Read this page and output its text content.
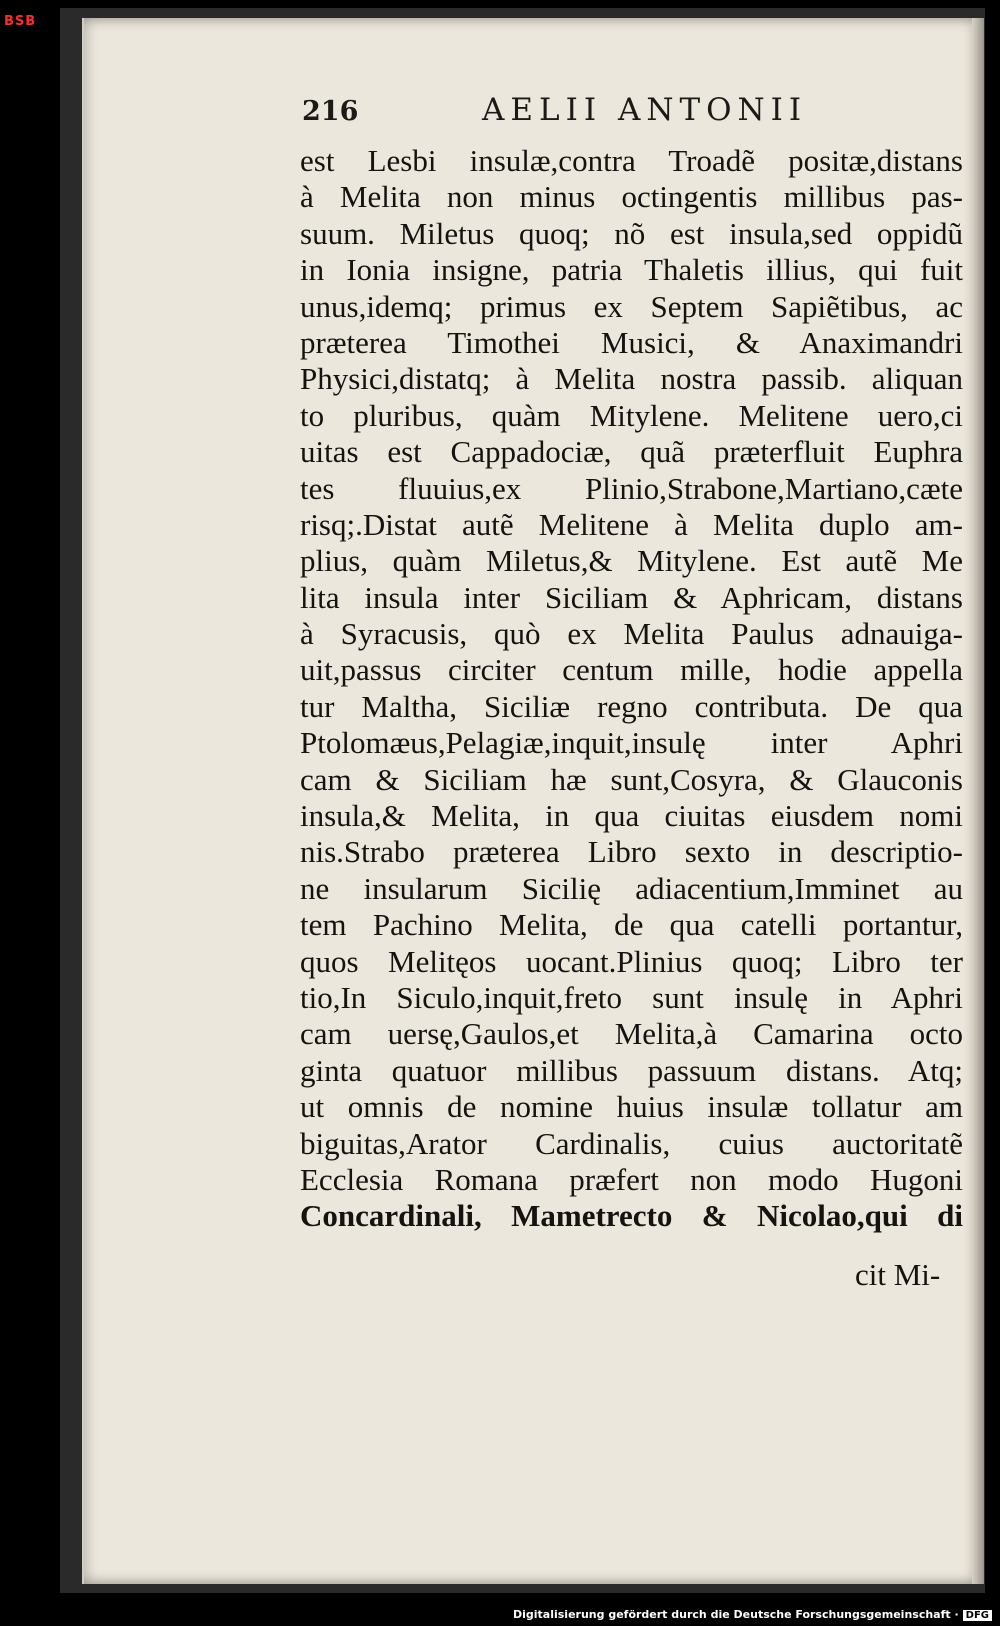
BSB
216	AELII ANTONII
est Lesbi insulæ,contra Troadẽ positæ,distans
à Melita non minus octingentis millibus pas-
suum. Miletus quoq; nõ est insula,sed oppidũ
in Ionia insigne, patria Thaletis illius, qui fuit
unus,idemq; primus ex Septem Sapiẽtibus, ac
præterea Timothei Musici, & Anaximandri
Physici,distatq; à Melita nostra passib. aliquan
to pluribus, quàm Mitylene. Melitene uero,ci
uitas est Cappadociæ, quã præterfluit Euphra
tes fluuius,ex Plinio,Strabone,Martiano,cæte
risq;.Distat autẽ Melitene à Melita duplo am-
plius, quàm Miletus,& Mitylene. Est autẽ Me
lita insula inter Siciliam & Aphricam, distans
à Syracusis, quò ex Melita Paulus adnauiga-
uit,passus circiter centum mille, hodie appella
tur Maltha, Siciliæ regno contributa. De qua
Ptolomæus,Pelagiæ,inquit,insulę inter Aphri
cam & Siciliam hæ sunt,Cosyra, & Glauconis
insula,& Melita, in qua ciuitas eiusdem nomi
nis.Strabo præterea Libro sexto in descriptio-
ne insularum Sicilię adiacentium,Imminet au
tem Pachino Melita, de qua catelli portantur,
quos Melitęos uocant.Plinius quoq; Libro ter
tio,In Siculo,inquit,freto sunt insulę in Aphri
cam uersę,Gaulos,et Melita,à Camarina octo
ginta quatuor millibus passuum distans. Atq;
ut omnis de nomine huius insulæ tollatur am
biguitas,Arator Cardinalis, cuius auctoritatẽ
Ecclesia Romana præfert non modo Hugoni
Concardinali, Mametrecto & Nicolao,qui di
cit Mi-
Digitalisierung gefördert durch die Deutsche Forschungsgemeinschaft · DFG
